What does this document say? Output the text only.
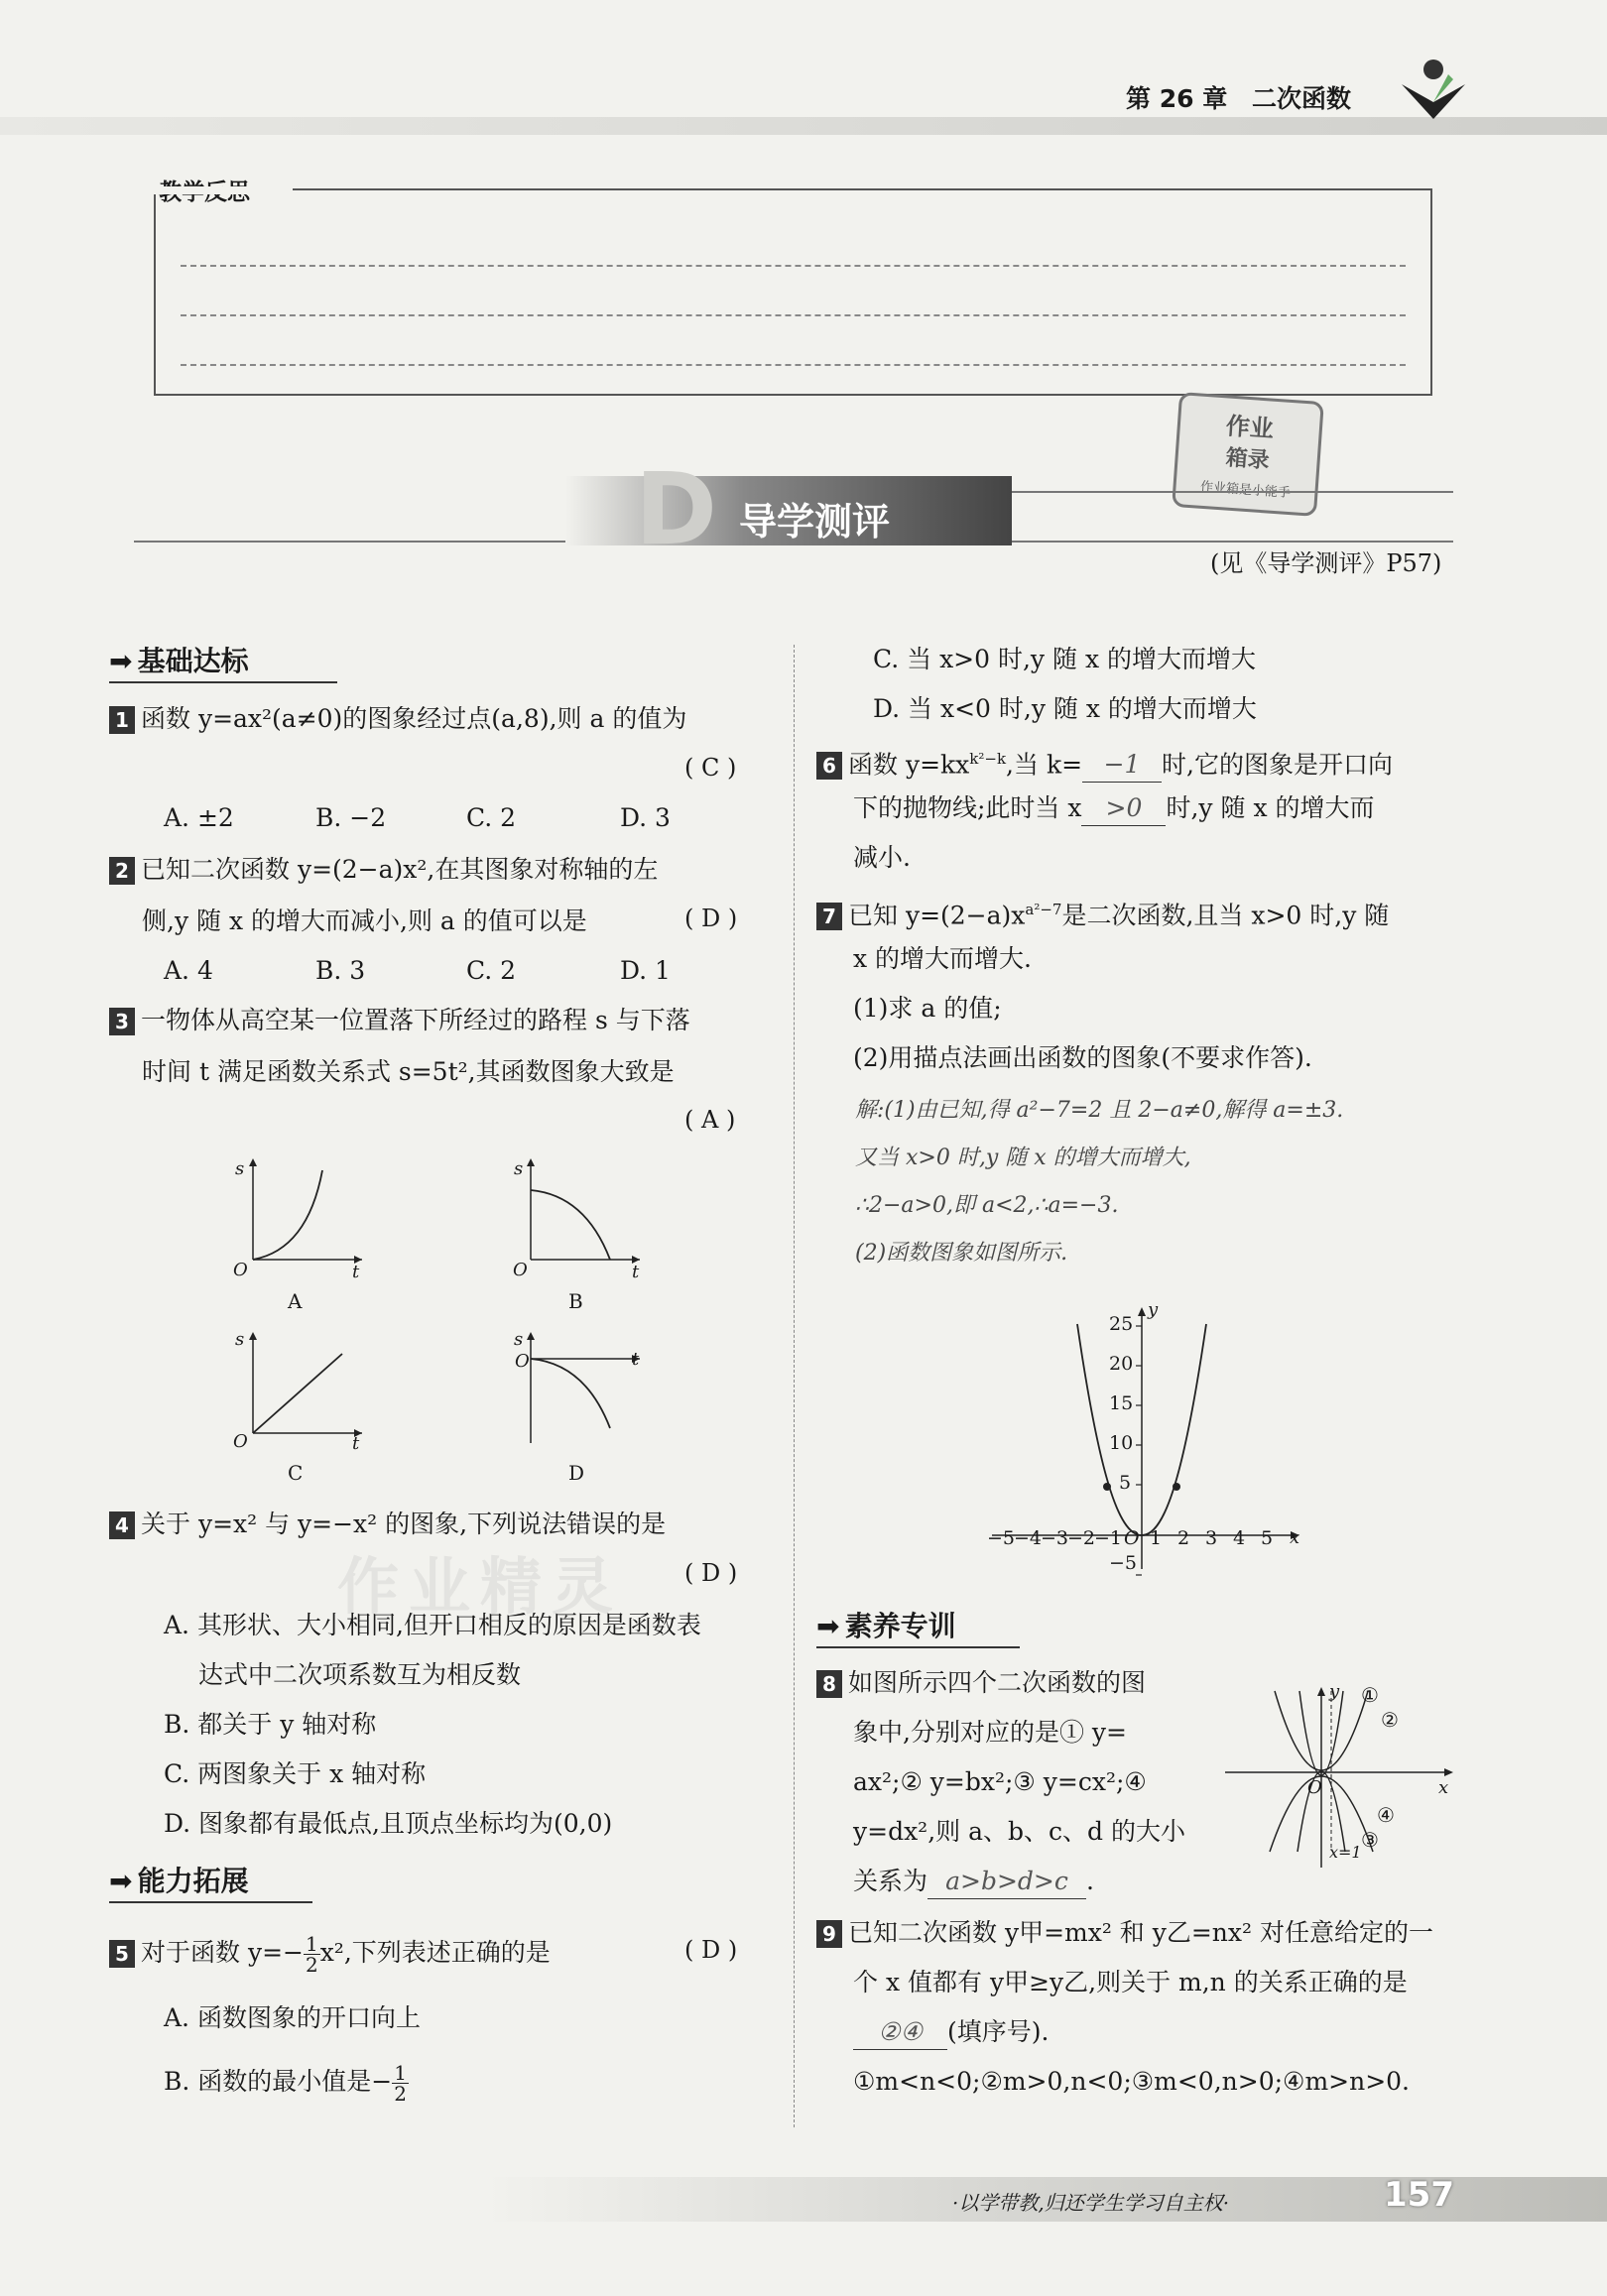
第 26 章 二次函数
作业
箱录
作业箱是小能手
D 导学测评
(见《导学测评》P57)
➡ 基础达标
1 函数 y=ax²(a≠0)的图象经过点(a,8),则 a 的值为
( C )
A. ±2	B. −2	C. 2	D. 3
2 已知二次函数 y=(2−a)x²,在其图象对称轴的左
侧,y 随 x 的增大而减小,则 a 的值可以是	( D )
A. 4	B. 3	C. 2	D. 1
3 一物体从高空某一位置落下所经过的路程 s 与下落
时间 t 满足函数关系式 s=5t²,其函数图象大致是
( A )
s
t
O
A
s
t
O
B
s
t
O
C
s
t
O
D
4 关于 y=x² 与 y=−x² 的图象,下列说法错误的是
( D )
A. 其形状、大小相同,但开口相反的原因是函数表
达式中二次项系数互为相反数
B. 都关于 y 轴对称
C. 两图象关于 x 轴对称
D. 图象都有最低点,且顶点坐标均为(0,0)
➡ 能力拓展
5 对于函数 $y=- \frac{1}{2} x^2$,下列表述正确的是	( D )
A. 函数图象的开口向上
B. 函数的最小值是− $\frac{1}{2}$
C. 当 x>0 时,y 随 x 的增大而增大
D. 当 x<0 时,y 随 x 的增大而增大
6 函数 $y=kx^{k^2-k}$,当 k= −1 时,它的图象是开口向
下的抛物线;此时当 x >0 时,y 随 x 的增大而
减小.
7 已知 $y=(2-a)x^{a^2-7}$是二次函数,且当 x>0 时,y 随
x 的增大而增大.
(1)求 a 的值;
(2)用描点法画出函数的图象(不要求作答).
解:(1)由已知,得 a²−7=2 且 2−a≠0,解得 a=±3.
又当 x>0 时,y 随 x 的增大而增大,
∴2−a>0,即 a<2,∴a=−3.
(2)函数图象如图所示.
y
x
25
20
15
10
5
−5
−5−4−3−2−1 O 1 2 3 4 5
➡ 素养专训
8 如图所示四个二次函数的图
象中,分别对应的是① y=
ax²;② y=bx²;③ y=cx²;④
y=dx²,则 a、b、c、d 的大小
关系为 a>b>d>c .
y
x
O
①
②
④
③
x=1
9 已知二次函数 y甲=mx² 和 y乙=nx² 对任意给定的一
个 x 值都有 y甲≥y乙,则关于 m,n 的关系正确的是
②④ (填序号).
①m<n<0;②m>0,n<0;③m<0,n>0;④m>n>0.
作业精灵
·以学带教,归还学生学习自主权·	157
